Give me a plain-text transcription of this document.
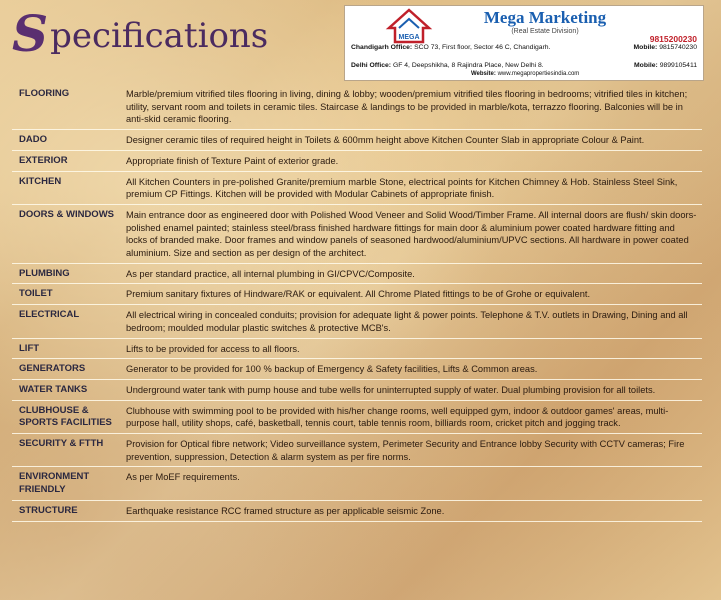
S pecifications	MEGA
Mega Marketing
(Real Estate Division)
9815200230
Chandigarh Office: SCO 73, First floor, Sector 46 C, Chandigarh.	Mobile: 9815740230
Delhi Office: GF 4, Deepshikha, 8 Rajindra Place, New Delhi 8.	Mobile: 9899105411
Website: www.megapropertiesindia.com
FLOORING	Marble/premium vitrified tiles flooring in living, dining & lobby; wooden/premium vitrified tiles flooring in bedrooms; vitrified tiles in kitchen; utility, servant room and toilets in ceramic tiles. Staircase & landings to be provided in marble/kota, terrazzo flooring. Balconies will be in anti-skid ceramic flooring.
DADO	Designer ceramic tiles of required height in Toilets & 600mm height above Kitchen Counter Slab in appropriate Colour & Paint.
EXTERIOR	Appropriate finish of Texture Paint of exterior grade.
KITCHEN	All Kitchen Counters in pre-polished Granite/premium marble Stone, electrical points for Kitchen Chimney & Hob. Stainless Steel Sink, premium CP Fittings. Kitchen will be provided with Modular Cabinets of appropriate finish.
DOORS & WINDOWS	Main entrance door as engineered door with Polished Wood Veneer and Solid Wood/Timber Frame. All internal doors are flush/ skin doors-polished enamel painted; stainless steel/brass finished hardware fittings for main door & aluminium power coated hardware fitting and locks of branded make. Door frames and window panels of seasoned hardwood/aluminium/UPVC sections. All hardware in power coated aluminium. Size and section as per design of the architect.
PLUMBING	As per standard practice, all internal plumbing in GI/CPVC/Composite.
TOILET	Premium sanitary fixtures of Hindware/RAK or equivalent. All Chrome Plated fittings to be of Grohe or equivalent.
ELECTRICAL	All electrical wiring in concealed conduits; provision for adequate light & power points. Telephone & T.V. outlets in Drawing, Dining and all bedroom; moulded modular plastic switches & protective MCB's.
LIFT	Lifts to be provided for access to all floors.
GENERATORS	Generator to be provided for 100 % backup of Emergency & Safety facilities, Lifts & Common areas.
WATER TANKS	Underground water tank with pump house and tube wells for uninterrupted supply of water. Dual plumbing provision for all toilets.
CLUBHOUSE & SPORTS FACILITIES	Clubhouse with swimming pool to be provided with his/her change rooms, well equipped gym, indoor & outdoor games' areas, multi-purpose hall, utility shops, café, basketball, tennis court, table tennis room, billiards room, cricket pitch and jogging track.
SECURITY & FTTH	Provision for Optical fibre network; Video surveillance system, Perimeter Security and Entrance lobby Security with CCTV cameras; Fire prevention, suppression, Detection & alarm system as per fire norms.
ENVIRONMENT FRIENDLY	As per MoEF requirements.
STRUCTURE	Earthquake resistance RCC framed structure as per applicable seismic Zone.
